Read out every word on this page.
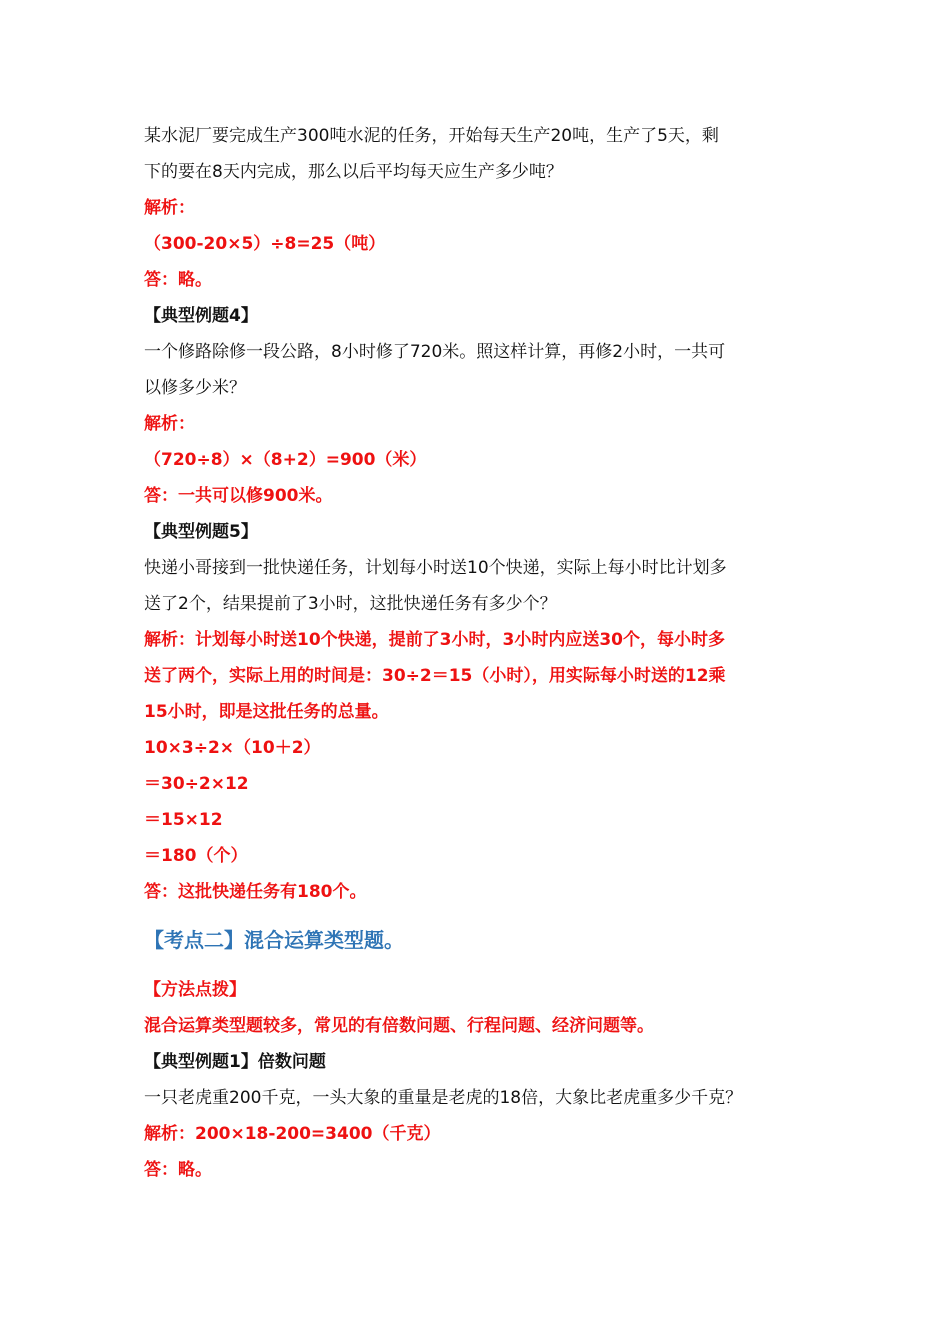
某水泥厂要完成生产300吨水泥的任务，开始每天生产20吨，生产了5天，剩
下的要在8天内完成，那么以后平均每天应生产多少吨？
解析：
（300-20×5）÷8=25（吨）
答：略。
【典型例题4】
一个修路除修一段公路，8小时修了720米。照这样计算，再修2小时，一共可
以修多少米？
解析：
（720÷8）×（8+2）=900（米）
答：一共可以修900米。
【典型例题5】
快递小哥接到一批快递任务，计划每小时送10个快递，实际上每小时比计划多
送了2个，结果提前了3小时，这批快递任务有多少个？
解析：计划每小时送10个快递，提前了3小时，3小时内应送30个，每小时多
送了两个，实际上用的时间是：30÷2＝15（小时），用实际每小时送的12乘
15小时，即是这批任务的总量。
10×3÷2×（10＋2）
＝30÷2×12
＝15×12
＝180（个）
答：这批快递任务有180个。
【考点二】混合运算类型题。
【方法点拨】
混合运算类型题较多，常见的有倍数问题、行程问题、经济问题等。
【典型例题1】倍数问题
一只老虎重200千克，一头大象的重量是老虎的18倍，大象比老虎重多少千克？
解析：200×18-200=3400（千克）
答：略。
